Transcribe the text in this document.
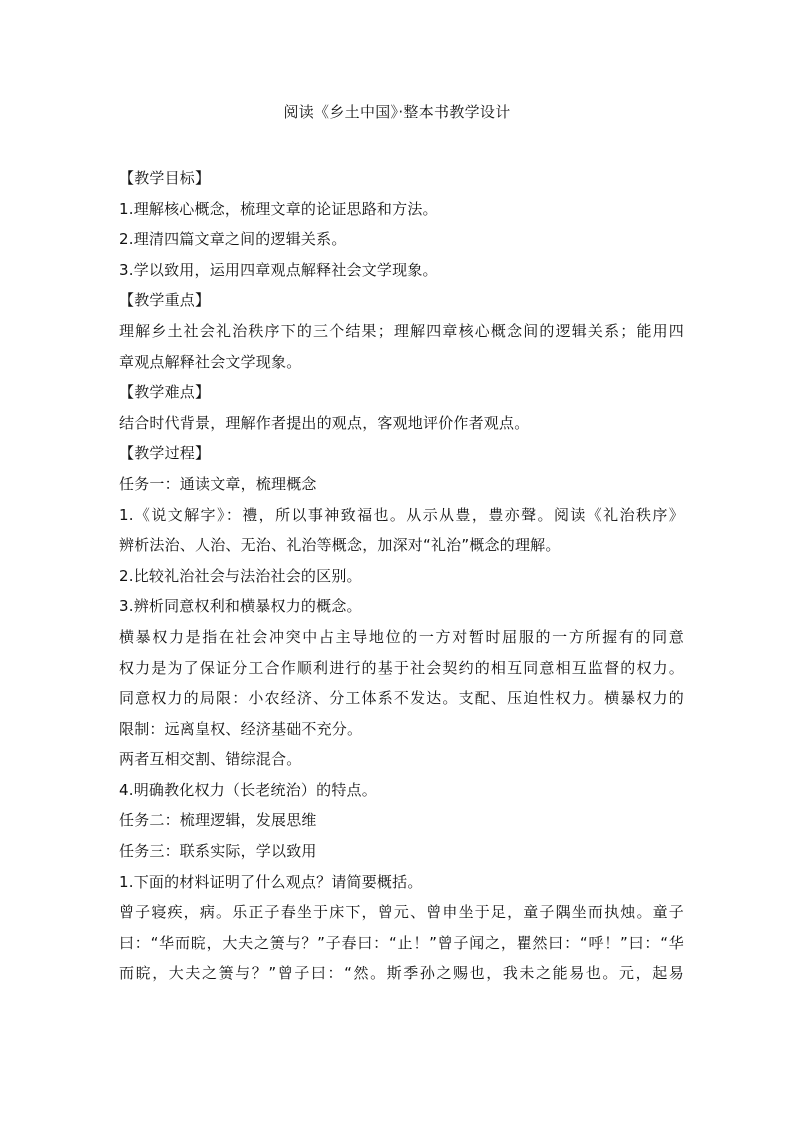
阅读《乡土中国》·整本书教学设计
【教学目标】
1.理解核心概念，梳理文章的论证思路和方法。
2.理清四篇文章之间的逻辑关系。
3.学以致用，运用四章观点解释社会文学现象。
【教学重点】
理解乡土社会礼治秩序下的三个结果；理解四章核心概念间的逻辑关系；能用四
章观点解释社会文学现象。
【教学难点】
结合时代背景，理解作者提出的观点，客观地评价作者观点。
【教学过程】
任务一：通读文章，梳理概念
1.《说文解字》：禮，所以事神致福也。从示从豊，豊亦聲。阅读《礼治秩序》
辨析法治、人治、无治、礼治等概念，加深对“礼治”概念的理解。
2.比较礼治社会与法治社会的区别。
3.辨析同意权利和横暴权力的概念。
横暴权力是指在社会冲突中占主导地位的一方对暂时屈服的一方所握有的同意
权力是为了保证分工合作顺利进行的基于社会契约的相互同意相互监督的权力。
同意权力的局限：小农经济、分工体系不发达。支配、压迫性权力。横暴权力的
限制：远离皇权、经济基础不充分。
两者互相交割、错综混合。
4.明确教化权力（长老统治）的特点。
任务二：梳理逻辑，发展思维
任务三：联系实际，学以致用
1.下面的材料证明了什么观点？请简要概括。
曾子寝疾，病。乐正子春坐于床下，曾元、曾申坐于足，童子隅坐而执烛。童子
曰：“华而睆，大夫之箦与？”子春曰：“止！”曾子闻之，瞿然曰：“呼！”曰：“华
而睆，大夫之箦与？”曾子曰：“然。斯季孙之赐也，我未之能易也。元，起易
